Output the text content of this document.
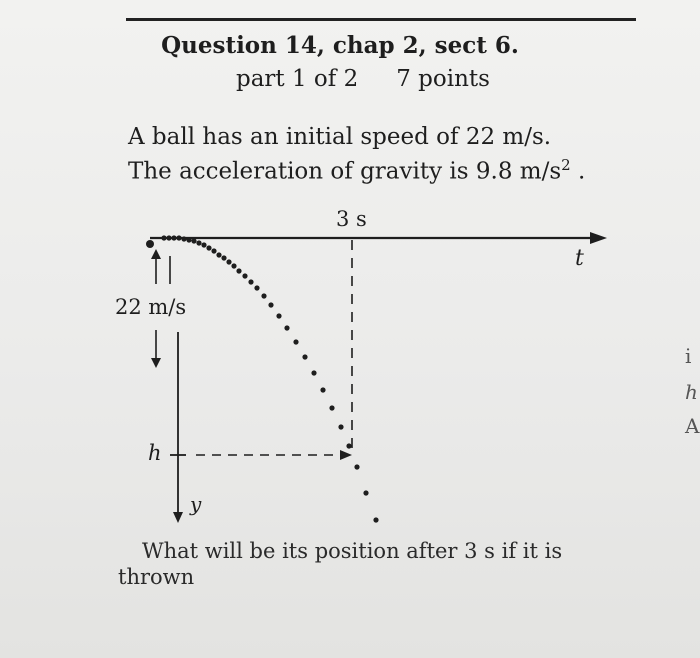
Question 14, chap 2, sect 6.
part 1 of 2 7 points
A ball has an initial speed of 22 m/s.
The acceleration of gravity is 9.8 $m/s^2$ .
3 s
t
22 m/s
h
y
What will be its position after 3 s if it is thrown
i
h
A
